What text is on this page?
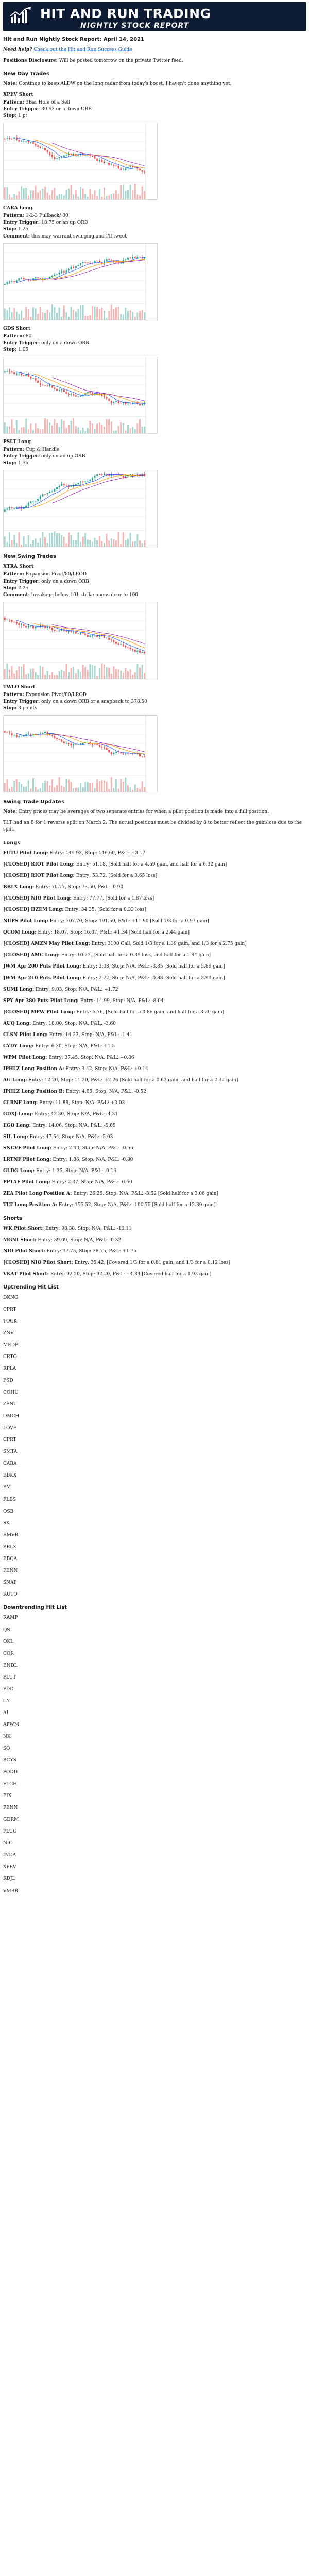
HIT AND RUN TRADING
NIGHTLY STOCK REPORT
Hit and Run Nightly Stock Report: April 14, 2021

Need help? Check out the Hit and Run Success Guide

Positions Disclosure: Will be posted tomorrow on the private Twitter feed.

New Day Trades

Note: Continue to keep ALDW on the long radar from today's boost. I haven't done anything yet.

XPEV Short
Pattern: 3Bar Hole of a Sell
Entry Trigger: 30.62 or a down ORB
Stop: 1 pt
CARA Long
Pattern: 1-2-3 Pullback/ 80
Entry Trigger: 18.75 or an up ORB
Stop: 1.25
Comment: this may warrant swinging and I'll tweet
GDS Short
Pattern: 80
Entry Trigger: only on a down ORB
Stop: 1.05
PSLT Long
Pattern: Cup & Handle
Entry Trigger: only on an up ORB
Stop: 1.35
New Swing Trades
XTRA Short
Pattern: Expansion Pivot/80/LROD
Entry Trigger: only on a down ORB
Stop: 2.25
Comment: breakage below 101 strike opens door to 100.
TWLO Short
Pattern: Expansion Pivot/80/LROD
Entry Trigger: only on a down ORB or a snapback to 378.50
Stop: 3 points
Swing Trade Updates

Note: Entry prices may be averages of two separate entries for when a pilot position is made into a full position.

TLT had an 8 for 1 reverse split on March 2. The actual positions must be divided by 8 to better reflect the gain/loss due to the split.

Longs
FUTU Pilot Long: Entry: 149.93, Stop: 146.60, P&L: +3.17
[CLOSED] RIOT Pilot Long: Entry: 51.18, [Sold half for a 4.59 gain, and half for a 6.32 gain]
[CLOSED] RIOT Pilot Long: Entry: 53.72, [Sold for a 3.65 loss]
BBLX Long: Entry: 70.77, Stop: 73.50, P&L: -0.90
[CLOSED] NIO Pilot Long: Entry: 77.77, [Sold for a 1.87 loss]
[CLOSED] HZEM Long: Entry: 34.35, [Sold for a 0.33 loss]
NUPS Pilot Long: Entry: 707.70, Stop: 191.50, P&L: +11.90 [Sold 1/3 for a 0.97 gain]
QCOM Long: Entry: 18.07, Stop: 16.07, P&L: +1.34 [Sold half for a 2.44 gain]
[CLOSED] AMZN May Pilot Long: Entry: 3100 Call, Sold 1/3 for a 1.39 gain, and 1/3 for a 2.75 gain]
[CLOSED] AMC Long: Entry: 10.22, [Sold half for a 0.39 loss, and half for a 1.84 gain]
JWM Apr 200 Puts Pilot Long: Entry: 3.08, Stop: N/A, P&L: -3.85 [Sold half for a 5.89 gain]
JWM Apr 210 Puts Pilot Long: Entry: 2.72, Stop: N/A, P&L: -0.88 [Sold half for a 3.93 gain]
SUMI Long: Entry: 9.03, Stop: N/A, P&L: +1.72
SPY Apr 380 Puts Pilot Long: Entry: 14.99, Stop: N/A, P&L: -8.04
[CLOSED] MPW Pilot Long: Entry: 5.76, [Sold half for a 0.86 gain, and half for a 3.20 gain]
AUQ Long: Entry: 18.00, Stop: N/A, P&L: -3.60
CLSN Pilot Long: Entry: 14.22, Stop: N/A, P&L: -1.41
CYDY Long: Entry: 6.30, Stop: N/A, P&L: +1.5
WPM Pilot Long: Entry: 37.45, Stop: N/A, P&L: +0.86
IPHLZ Long Position A: Entry: 3.42, Stop: N/A, P&L: +0.14
AG Long: Entry: 12.20, Stop: 11.20, P&L: +2.26 [Sold half for a 0.63 gain, and half for a 2.32 gain]
IPHLZ Long Position B: Entry: 4.05, Stop: N/A, P&L: -0.52
CLRNF Long: Entry: 11.88, Stop: N/A, P&L: +0.03
GDXJ Long: Entry: 42.30, Stop: N/A, P&L: -4.31
EGO Long: Entry: 14.06, Stop: N/A, P&L: -5.05
SIL Long: Entry: 47.54, Stop: N/A, P&L: -5.03
SNCVF Pilot Long: Entry: 2.40, Stop: N/A, P&L: -0.56
LRTNF Pilot Long: Entry: 1.86, Stop: N/A, P&L: -0.80
GLDG Long: Entry: 1.35, Stop: N/A, P&L: -0.16
PPTAF Pilot Long: Entry: 2.37, Stop: N/A, P&L: -0.60
ZEA Pilot Long Position A: Entry: 26.26, Stop: N/A, P&L: -3.52 [Sold half for a 3.06 gain]
TLT Long Position A: Entry: 155.52, Stop: N/A, P&L: -100.75 [Sold half for a 12.39 gain]
Shorts
WK Pilot Short: Entry: 98.38, Stop: N/A, P&L: -10.11
MGNI Short: Entry: 39.09, Stop: N/A, P&L: -0.32
NIO Pilot Short: Entry: 37.75, Stop: 38.75, P&L: +1.75
[CLOSED] NIO Pilot Short: Entry: 35.42, [Covered 1/3 for a 0.81 gain, and 1/3 for a 0.12 loss]
VKAT Pilot Short: Entry: 92.20, Stop: 92.20, P&L: +4.84 [Covered half for a 1.93 gain]
Uptrending Hit List
DKNG
CPRT
TOCK
ZNV
MEDP
CRTO
RPLA
FSD
COHU
ZSNT
OMCH
LOVE
CPRT
SMTA
CARA
BBKX
PM
FLBS
OSB
SK
RMVR
BBLX
BBQA
PENN
SNAP
RUTO
Downtrending Hit List
RAMP
QS
OKL
COR
BNDL
PLUT
PDD
CY
AI
APWM
NK
SQ
BCYS
PODD
FTCH
FIX
PENN
GDRM
PLUG
NIO
INDA
XPEV
RDJL
VMBR
